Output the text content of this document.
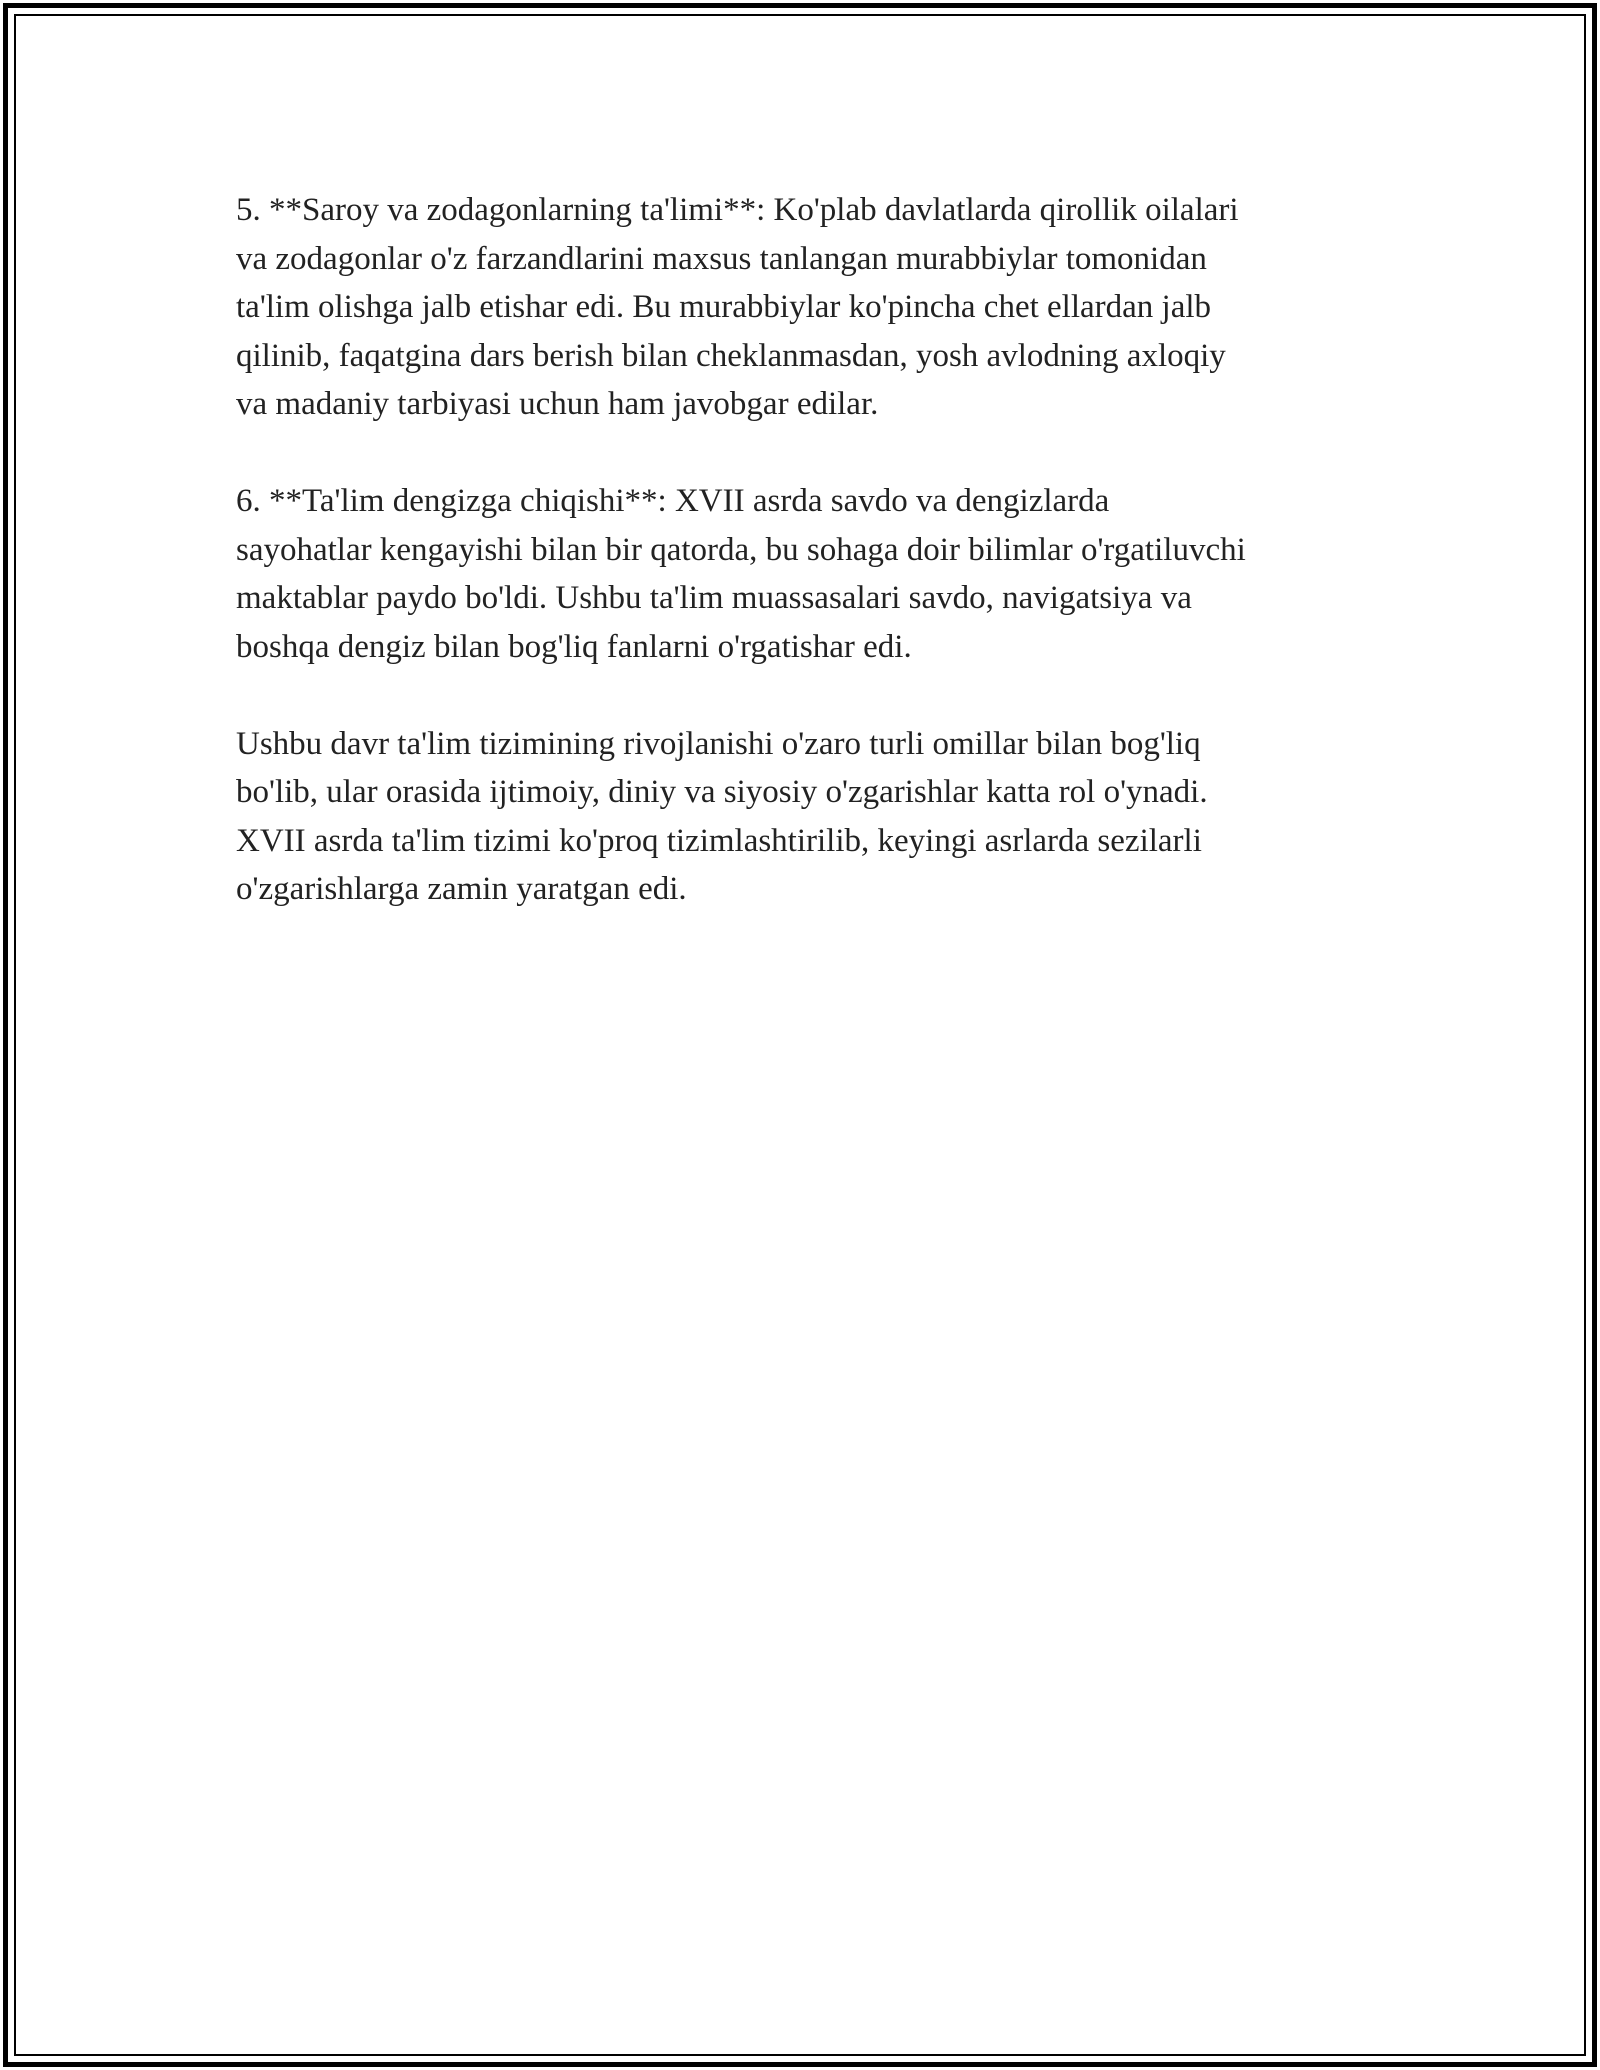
5. **Saroy va zodagonlarning ta'limi**: Ko'plab davlatlarda qirollik oilalari
va zodagonlar o'z farzandlarini maxsus tanlangan murabbiylar tomonidan
ta'lim olishga jalb etishar edi. Bu murabbiylar ko'pincha chet ellardan jalb
qilinib, faqatgina dars berish bilan cheklanmasdan, yosh avlodning axloqiy
va madaniy tarbiyasi uchun ham javobgar edilar.

6. **Ta'lim dengizga chiqishi**: XVII asrda savdo va dengizlarda
sayohatlar kengayishi bilan bir qatorda, bu sohaga doir bilimlar o'rgatiluvchi
maktablar paydo bo'ldi. Ushbu ta'lim muassasalari savdo, navigatsiya va
boshqa dengiz bilan bog'liq fanlarni o'rgatishar edi.

Ushbu davr ta'lim tizimining rivojlanishi o'zaro turli omillar bilan bog'liq
bo'lib, ular orasida ijtimoiy, diniy va siyosiy o'zgarishlar katta rol o'ynadi.
XVII asrda ta'lim tizimi ko'proq tizimlashtirilib, keyingi asrlarda sezilarli
o'zgarishlarga zamin yaratgan edi.
